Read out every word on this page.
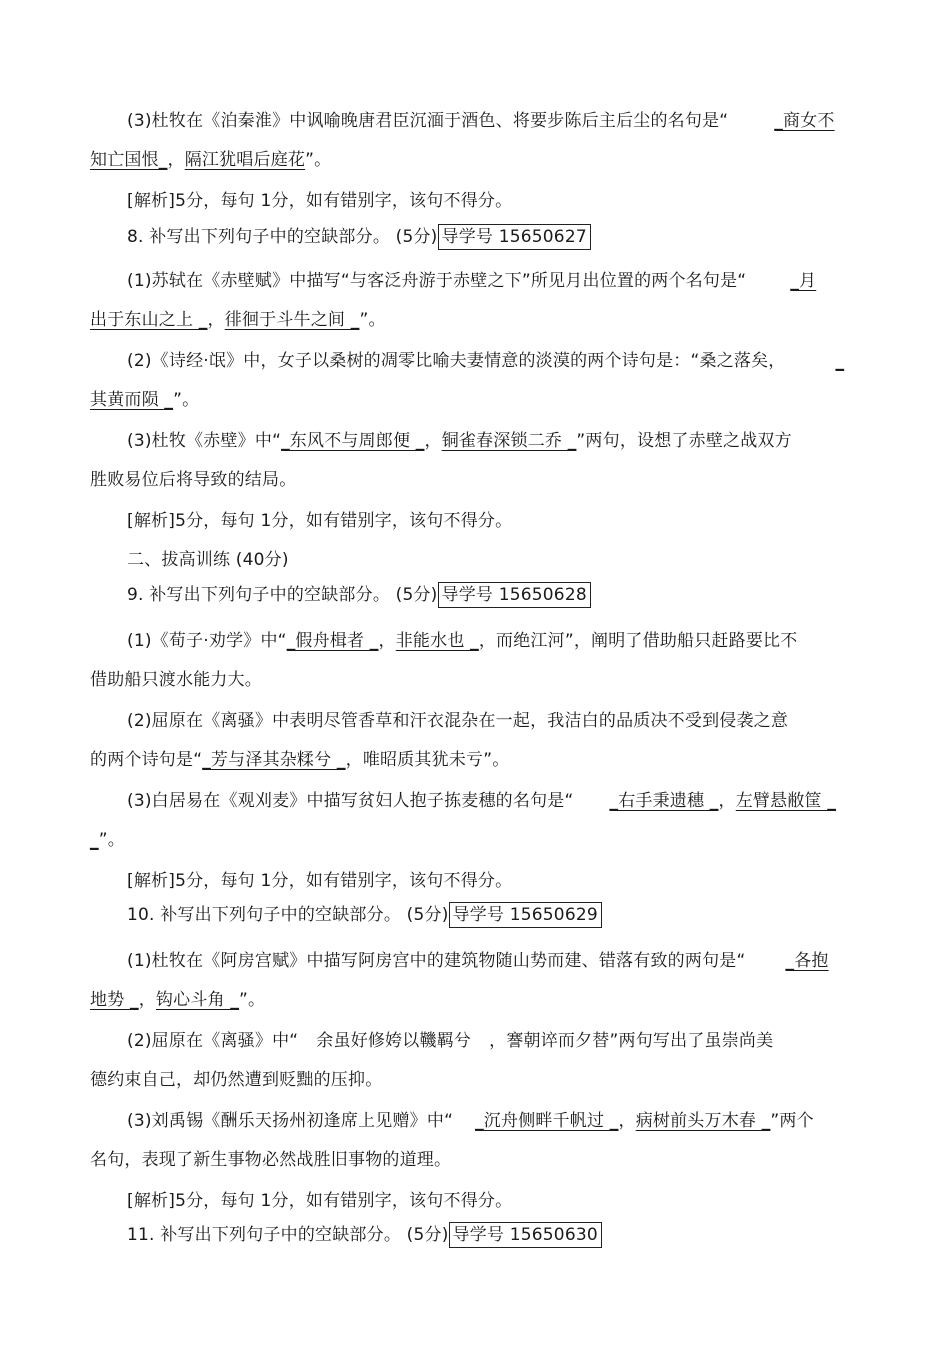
(3)杜牧在《泊秦淮》中讽喻晚唐君臣沉湎于酒色、将要步陈后主后尘的名句是“	_商女不
知亡国恨_，隔江犹唱后庭花”。
[解析]5分，每句 1分，如有错别字，该句不得分。
8. 补写出下列句子中的空缺部分。 (5分) 导学号 15650627
(1)苏轼在《赤壁赋》中描写“与客泛舟游于赤壁之下”所见月出位置的两个名句是“	_月
出于东山之上 _，徘徊于斗牛之间 _”。
(2)《诗经·氓》中，女子以桑树的凋零比喻夫妻情意的淡漠的两个诗句是：“桑之落矣，	_
其黄而陨 _”。
(3)杜牧《赤壁》中“_东风不与周郎便 _，铜雀春深锁二乔 _”两句，设想了赤壁之战双方
胜败易位后将导致的结局。
[解析]5分，每句 1分，如有错别字，该句不得分。
二、拔高训练 (40分)
9. 补写出下列句子中的空缺部分。 (5分) 导学号 15650628
(1)《荀子·劝学》中“_假舟楫者 _，非能水也 _，而绝江河”，阐明了借助船只赶路要比不
借助船只渡水能力大。
(2)屈原在《离骚》中表明尽管香草和汗衣混杂在一起，我洁白的品质决不受到侵袭之意
的两个诗句是“_芳与泽其杂糅兮 _，唯昭质其犹未亏”。
(3)白居易在《观刈麦》中描写贫妇人抱子拣麦穗的名句是“ _右手秉遗穗 _，左臂悬敝筐 _
_”。
[解析]5分，每句 1分，如有错别字，该句不得分。
10. 补写出下列句子中的空缺部分。 (5分) 导学号 15650629
(1)杜牧在《阿房宫赋》中描写阿房宫中的建筑物随山势而建、错落有致的两句是“ _各抱
地势 _，钩心斗角 _”。
(2)屈原在《离骚》中“ 余虽好修姱以鞿羁兮 ，謇朝谇而夕替”两句写出了虽崇尚美
德约束自己，却仍然遭到贬黜的压抑。
(3)刘禹锡《酬乐天扬州初逢席上见赠》中“ _沉舟侧畔千帆过 _，病树前头万木春 _”两个
名句，表现了新生事物必然战胜旧事物的道理。
[解析]5分，每句 1分，如有错别字，该句不得分。
11. 补写出下列句子中的空缺部分。 (5分) 导学号 15650630
